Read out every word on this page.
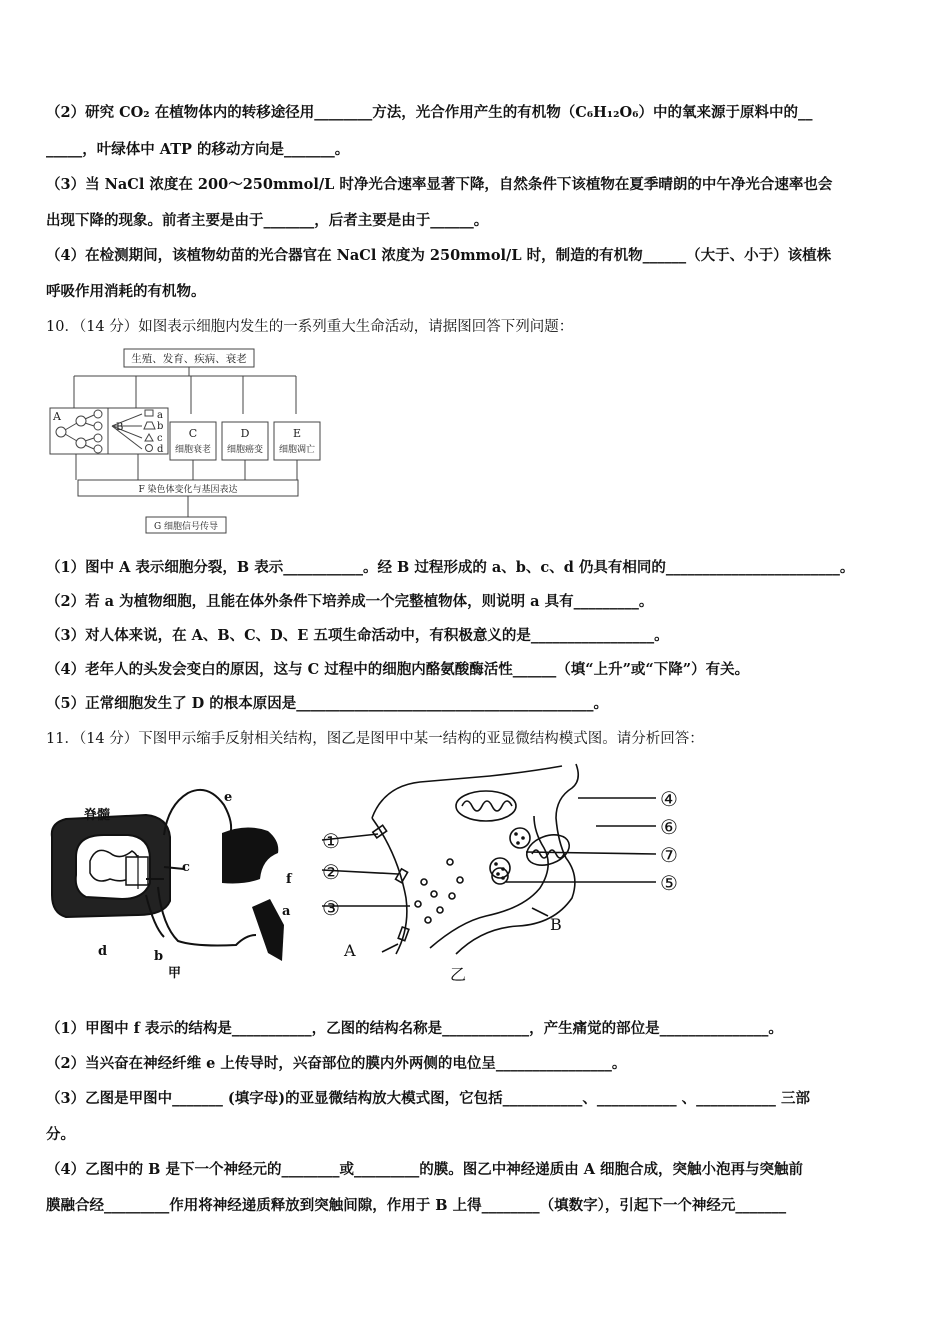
（2）研究 CO₂ 在植物体内的转移途径用________方法，光合作用产生的有机物（C₆H₁₂O₆）中的氧来源于原料中的__
_____，叶绿体中 ATP 的移动方向是_______。
（3）当 NaCl 浓度在 200～250mmol/L 时净光合速率显著下降，自然条件下该植物在夏季晴朗的中午净光合速率也会
出现下降的现象。前者主要是由于_______，后者主要是由于______。
（4）在检测期间，该植物幼苗的光合器官在 NaCl 浓度为 250mmol/L 时，制造的有机物______（大于、小于）该植株
呼吸作用消耗的有机物。
10．（14 分）如图表示细胞内发生的一系列重大生命活动，请据图回答下列问题：
生殖、发育、疾病、衰老
A
B
a
b
c
d
C
细胞衰老
D
细胞癌变
E
细胞凋亡
F 染色体变化与基因表达
G 细胞信号传导
（1）图中 A 表示细胞分裂，B 表示___________。经 B 过程形成的 a、b、c、d 仍具有相同的________________________。
（2）若 a 为植物细胞，且能在体外条件下培养成一个完整植物体，则说明 a 具有_________。
（3）对人体来说，在 A、B、C、D、E 五项生命活动中，有积极意义的是_________________。
（4）老年人的头发会变白的原因，这与 C 过程中的细胞内酪氨酸酶活性______（填“上升”或“下降”）有关。
（5）正常细胞发生了 D 的根本原因是_________________________________________。
11．（14 分）下图甲示缩手反射相关结构，图乙是图甲中某一结构的亚显微结构模式图。请分析回答：
脊髓
e
c
f
a
d	b
甲
①
②
③
④
⑥
⑦
⑤
A
B
乙
（1）甲图中 f 表示的结构是___________，乙图的结构名称是____________，产生痛觉的部位是_______________。
（2）当兴奋在神经纤维 e 上传导时，兴奋部位的膜内外两侧的电位呈________________。
（3）乙图是甲图中_______ (填字母)的亚显微结构放大模式图，它包括___________、___________ 、___________ 三部
分。
（4）乙图中的 B 是下一个神经元的________或_________的膜。图乙中神经递质由 A 细胞合成，突触小泡再与突触前
膜融合经_________作用将神经递质释放到突触间隙，作用于 B 上得________（填数字），引起下一个神经元_______
